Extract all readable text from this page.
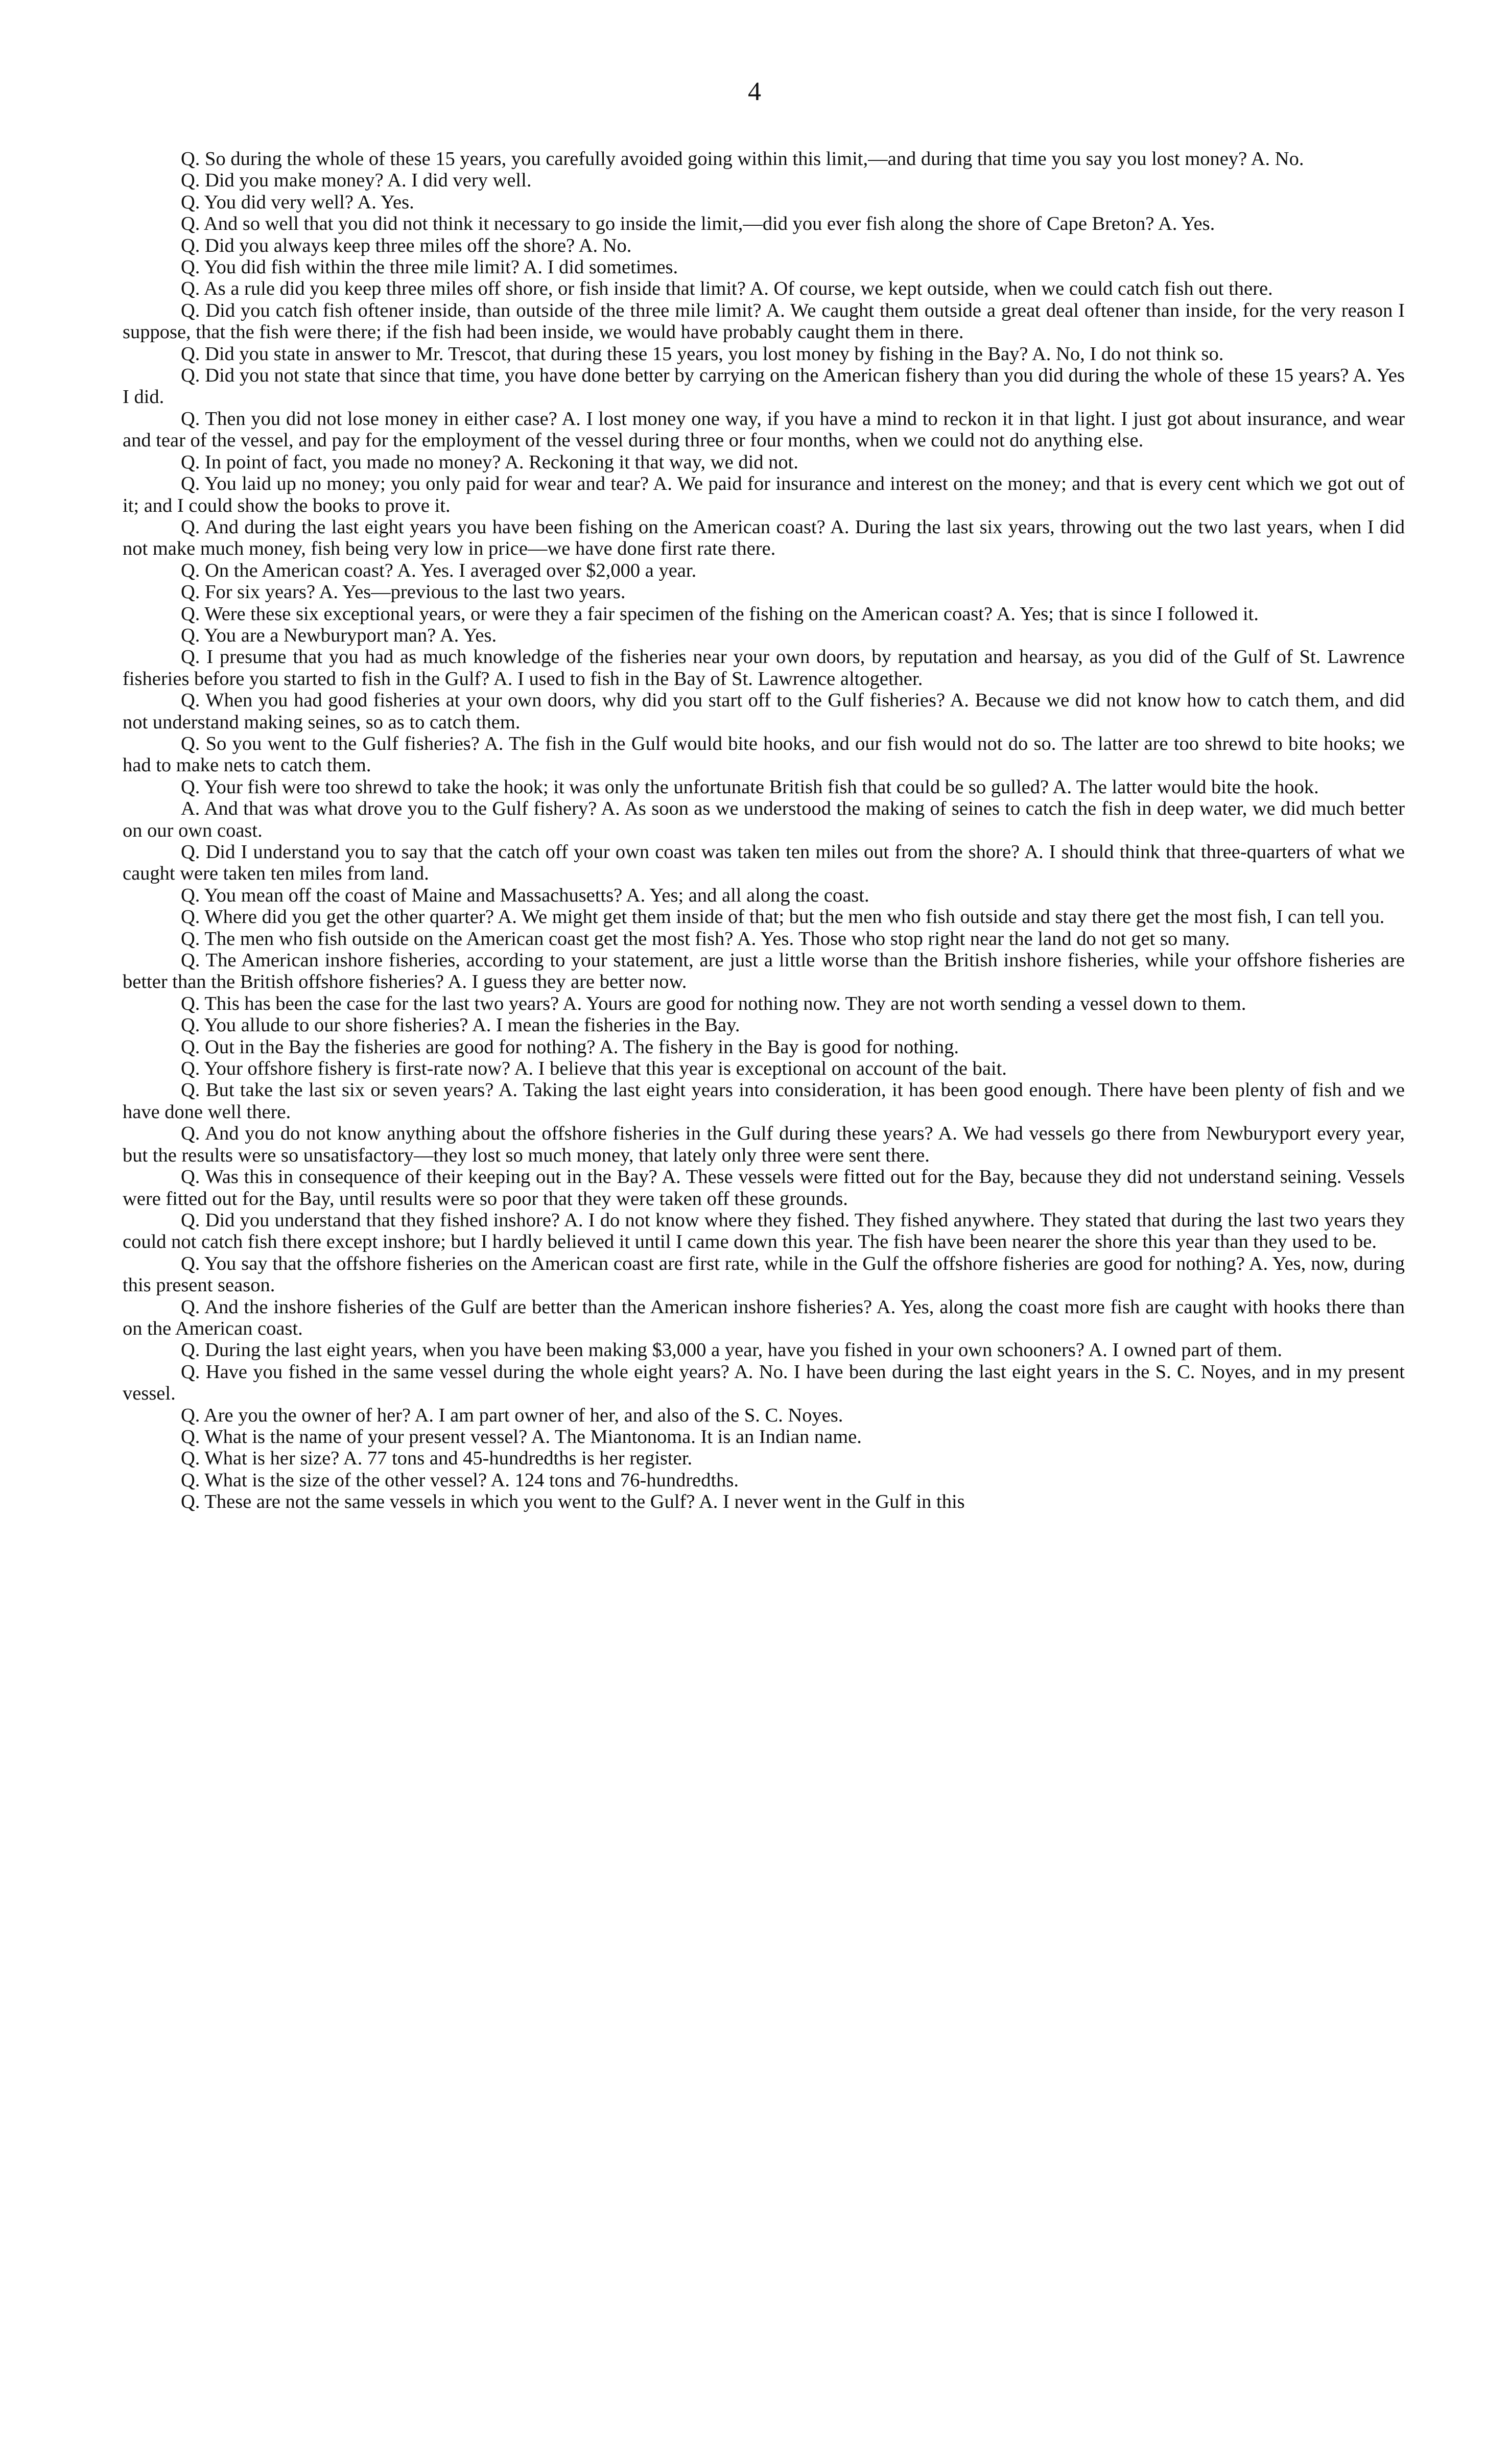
4

Q. So during the whole of these 15 years, you carefully avoided going within this limit,—and during that time you say you lost money? A. No.

Q. Did you make money? A. I did very well.

Q. You did very well? A. Yes.

Q. And so well that you did not think it necessary to go inside the limit,—did you ever fish along the shore of Cape Breton? A. Yes.

Q. Did you always keep three miles off the shore? A. No.

Q. You did fish within the three mile limit? A. I did sometimes.

Q. As a rule did you keep three miles off shore, or fish inside that limit? A. Of course, we kept outside, when we could catch fish out there.

Q. Did you catch fish oftener inside, than outside of the three mile limit? A. We caught them outside a great deal oftener than inside, for the very reason I suppose, that the fish were there; if the fish had been inside, we would have probably caught them in there.

Q. Did you state in answer to Mr. Trescot, that during these 15 years, you lost money by fishing in the Bay? A. No, I do not think so.

Q. Did you not state that since that time, you have done better by carrying on the American fishery than you did during the whole of these 15 years? A. Yes I did.

Q. Then you did not lose money in either case? A. I lost money one way, if you have a mind to reckon it in that light. I just got about insurance, and wear and tear of the vessel, and pay for the employment of the vessel during three or four months, when we could not do anything else.

Q. In point of fact, you made no money? A. Reckoning it that way, we did not.

Q. You laid up no money; you only paid for wear and tear? A. We paid for insurance and interest on the money; and that is every cent which we got out of it; and I could show the books to prove it.

Q. And during the last eight years you have been fishing on the American coast? A. During the last six years, throwing out the two last years, when I did not make much money, fish being very low in price—we have done first rate there.

Q. On the American coast? A. Yes. I averaged over $2,000 a year.

Q. For six years? A. Yes—previous to the last two years.

Q. Were these six exceptional years, or were they a fair specimen of the fishing on the American coast? A. Yes; that is since I followed it.

Q. You are a Newburyport man? A. Yes.

Q. I presume that you had as much knowledge of the fisheries near your own doors, by reputation and hearsay, as you did of the Gulf of St. Lawrence fisheries before you started to fish in the Gulf? A. I used to fish in the Bay of St. Lawrence altogether.

Q. When you had good fisheries at your own doors, why did you start off to the Gulf fisheries? A. Because we did not know how to catch them, and did not understand making seines, so as to catch them.

Q. So you went to the Gulf fisheries? A. The fish in the Gulf would bite hooks, and our fish would not do so. The latter are too shrewd to bite hooks; we had to make nets to catch them.

Q. Your fish were too shrewd to take the hook; it was only the unfortunate British fish that could be so gulled? A. The latter would bite the hook.

A. And that was what drove you to the Gulf fishery? A. As soon as we understood the making of seines to catch the fish in deep water, we did much better on our own coast.

Q. Did I understand you to say that the catch off your own coast was taken ten miles out from the shore? A. I should think that three-quarters of what we caught were taken ten miles from land.

Q. You mean off the coast of Maine and Massachusetts? A. Yes; and all along the coast.

Q. Where did you get the other quarter? A. We might get them inside of that; but the men who fish outside and stay there get the most fish, I can tell you.

Q. The men who fish outside on the American coast get the most fish? A. Yes. Those who stop right near the land do not get so many.

Q. The American inshore fisheries, according to your statement, are just a little worse than the British inshore fisheries, while your offshore fisheries are better than the British offshore fisheries? A. I guess they are better now.

Q. This has been the case for the last two years? A. Yours are good for nothing now. They are not worth sending a vessel down to them.

Q. You allude to our shore fisheries? A. I mean the fisheries in the Bay.

Q. Out in the Bay the fisheries are good for nothing? A. The fishery in the Bay is good for nothing.

Q. Your offshore fishery is first-rate now? A. I believe that this year is exceptional on account of the bait.

Q. But take the last six or seven years? A. Taking the last eight years into consideration, it has been good enough. There have been plenty of fish and we have done well there.

Q. And you do not know anything about the offshore fisheries in the Gulf during these years? A. We had vessels go there from Newburyport every year, but the results were so unsatisfactory—they lost so much money, that lately only three were sent there.

Q. Was this in consequence of their keeping out in the Bay? A. These vessels were fitted out for the Bay, because they did not understand seining. Vessels were fitted out for the Bay, until results were so poor that they were taken off these grounds.

Q. Did you understand that they fished inshore? A. I do not know where they fished. They fished anywhere. They stated that during the last two years they could not catch fish there except inshore; but I hardly believed it until I came down this year. The fish have been nearer the shore this year than they used to be.

Q. You say that the offshore fisheries on the American coast are first rate, while in the Gulf the offshore fisheries are good for nothing? A. Yes, now, during this present season.

Q. And the inshore fisheries of the Gulf are better than the American inshore fisheries? A. Yes, along the coast more fish are caught with hooks there than on the American coast.

Q. During the last eight years, when you have been making $3,000 a year, have you fished in your own schooners? A. I owned part of them.

Q. Have you fished in the same vessel during the whole eight years? A. No. I have been during the last eight years in the S. C. Noyes, and in my present vessel.

Q. Are you the owner of her? A. I am part owner of her, and also of the S. C. Noyes.

Q. What is the name of your present vessel? A. The Miantonoma. It is an Indian name.

Q. What is her size? A. 77 tons and 45-hundredths is her register.

Q. What is the size of the other vessel? A. 124 tons and 76-hundredths.

Q. These are not the same vessels in which you went to the Gulf? A. I never went in the Gulf in this
